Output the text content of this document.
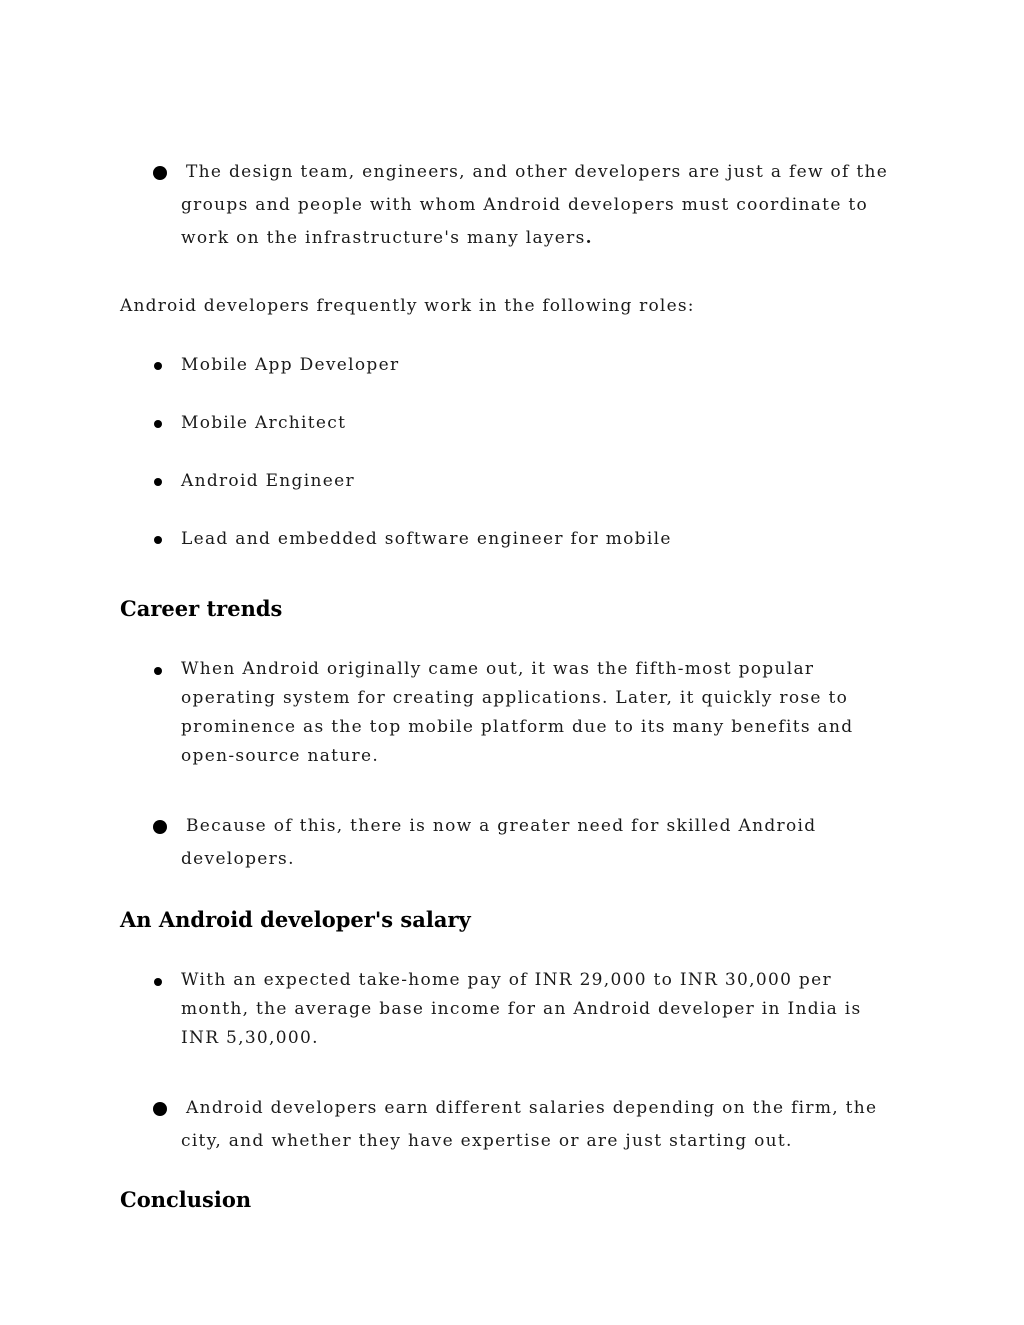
The design team, engineers, and other developers are just a few of the groups and people with whom Android developers must coordinate to work on the infrastructure's many layers.
Android developers frequently work in the following roles:
Mobile App Developer
Mobile Architect
Android Engineer
Lead and embedded software engineer for mobile
Career trends
When Android originally came out, it was the fifth-most popular operating system for creating applications. Later, it quickly rose to prominence as the top mobile platform due to its many benefits and open-source nature.
Because of this, there is now a greater need for skilled Android developers.
An Android developer's salary
With an expected take-home pay of INR 29,000 to INR 30,000 per month, the average base income for an Android developer in India is INR 5,30,000.
Android developers earn different salaries depending on the firm, the city, and whether they have expertise or are just starting out.
Conclusion
